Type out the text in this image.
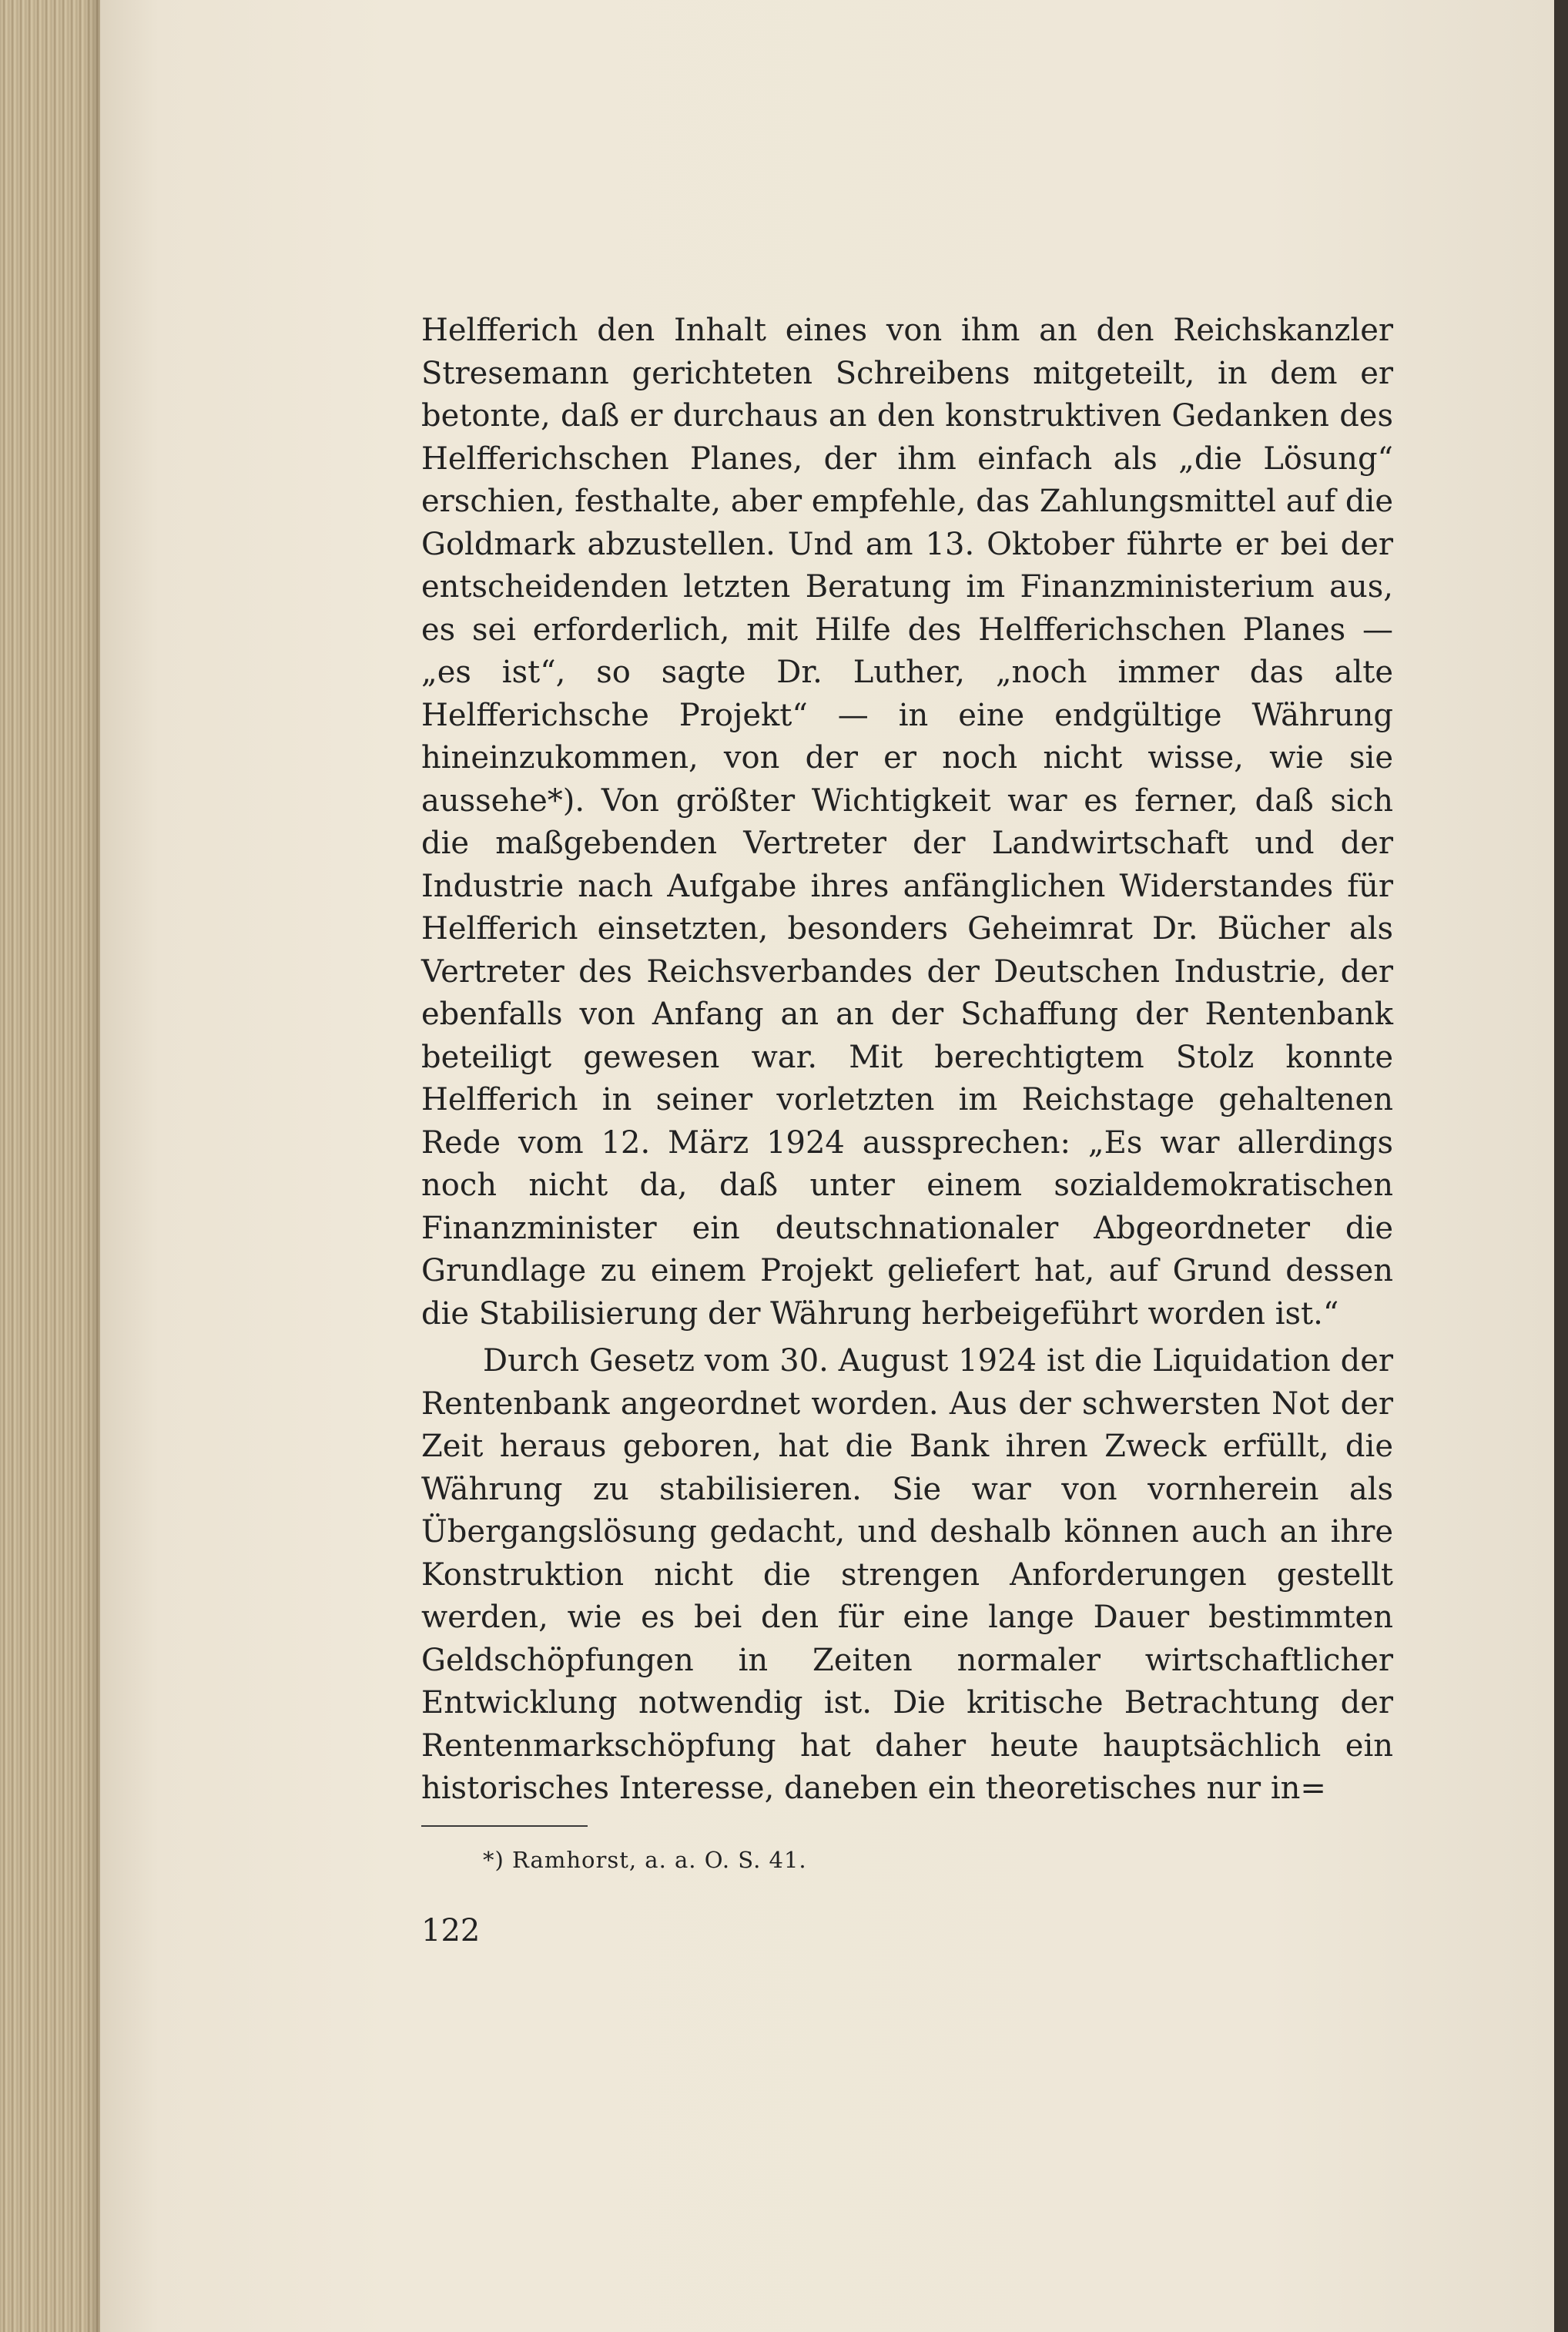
Helfferich den Inhalt eines von ihm an den Reichskanzler Stresemann gerichteten Schreibens mitgeteilt, in dem er betonte, daß er durchaus an den konstruktiven Gedanken des Helfferichschen Planes, der ihm einfach als „die Lösung“ erschien, festhalte, aber empfehle, das Zahlungsmittel auf die Goldmark abzustellen. Und am 13. Oktober führte er bei der entscheidenden letzten Beratung im Finanzministerium aus, es sei erforderlich, mit Hilfe des Helfferichschen Planes — „es ist“, so sagte Dr. Luther, „noch immer das alte Helfferichsche Projekt“ — in eine endgültige Währung hineinzukommen, von der er noch nicht wisse, wie sie aussehe*). Von größter Wichtigkeit war es ferner, daß sich die maßgebenden Vertreter der Landwirtschaft und der Industrie nach Aufgabe ihres anfänglichen Widerstandes für Helfferich einsetzten, besonders Geheimrat Dr. Bücher als Vertreter des Reichsverbandes der Deutschen Industrie, der ebenfalls von Anfang an an der Schaffung der Rentenbank beteiligt gewesen war. Mit berechtigtem Stolz konnte Helfferich in seiner vorletzten im Reichstage gehaltenen Rede vom 12. März 1924 aussprechen: „Es war allerdings noch nicht da, daß unter einem sozialdemokratischen Finanzminister ein deutschnationaler Abgeordneter die Grundlage zu einem Projekt geliefert hat, auf Grund dessen die Stabilisierung der Währung herbeigeführt worden ist.“

Durch Gesetz vom 30. August 1924 ist die Liquidation der Rentenbank angeordnet worden. Aus der schwersten Not der Zeit heraus geboren, hat die Bank ihren Zweck erfüllt, die Währung zu stabilisieren. Sie war von vornherein als Übergangslösung gedacht, und deshalb können auch an ihre Konstruktion nicht die strengen Anforderungen gestellt werden, wie es bei den für eine lange Dauer bestimmten Geldschöpfungen in Zeiten normaler wirtschaftlicher Entwicklung notwendig ist. Die kritische Betrachtung der Rentenmarkschöpfung hat daher heute hauptsächlich ein historisches Interesse, daneben ein theoretisches nur in=

*) Ramhorst, a. a. O. S. 41.
122
